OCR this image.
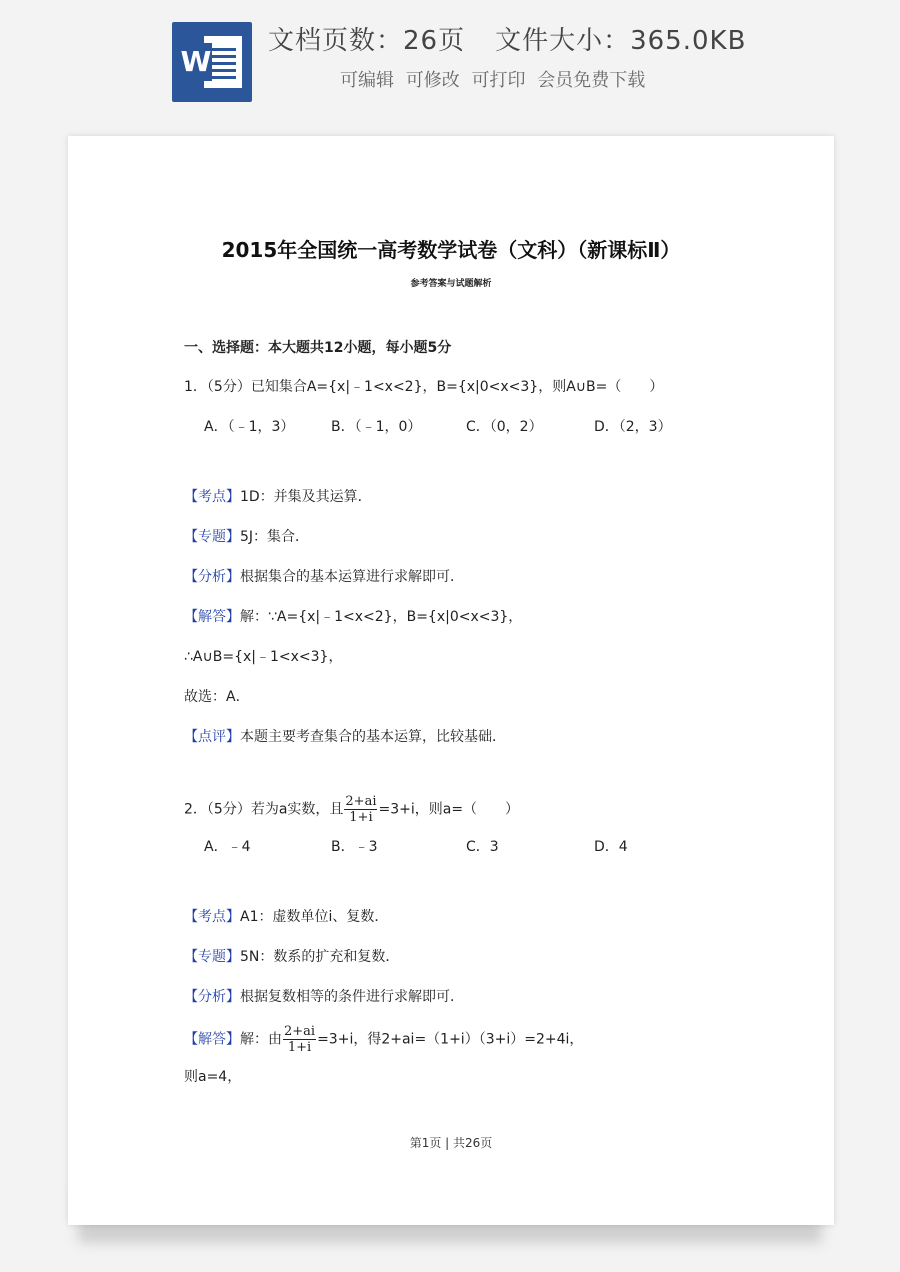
W
文档页数：26页 文件大小：365.0KB
可编辑 可修改 可打印 会员免费下载
2015年全国统一高考数学试卷（文科）（新课标Ⅱ）
参考答案与试题解析
一、选择题：本大题共12小题，每小题5分
1．（5分）已知集合A={x|﹣1<x<2}，B={x|0<x<3}，则A∪B=（　　）
A．（﹣1，3）	B．（﹣1，0）	C．（0，2）	D．（2，3）
【考点】1D：并集及其运算．
【专题】5J：集合．
【分析】根据集合的基本运算进行求解即可．
【解答】解：∵A={x|﹣1<x<2}，B={x|0<x<3}，
∴A∪B={x|﹣1<x<3}，
故选：A．
【点评】本题主要考查集合的基本运算，比较基础．
2．（5分）若为a实数，且 $\frac{2+ai}{1+i} =3+i$，则a=（　　）
A．﹣4	B．﹣3	C．3	D．4
【考点】A1：虚数单位i、复数．
【专题】5N：数系的扩充和复数．
【分析】根据复数相等的条件进行求解即可．
【解答】解：由 $\frac{2+ai}{1+i} =3+i$，得2+ai=（1+i）（3+i）=2+4i，
则a=4，
第1页 | 共26页
